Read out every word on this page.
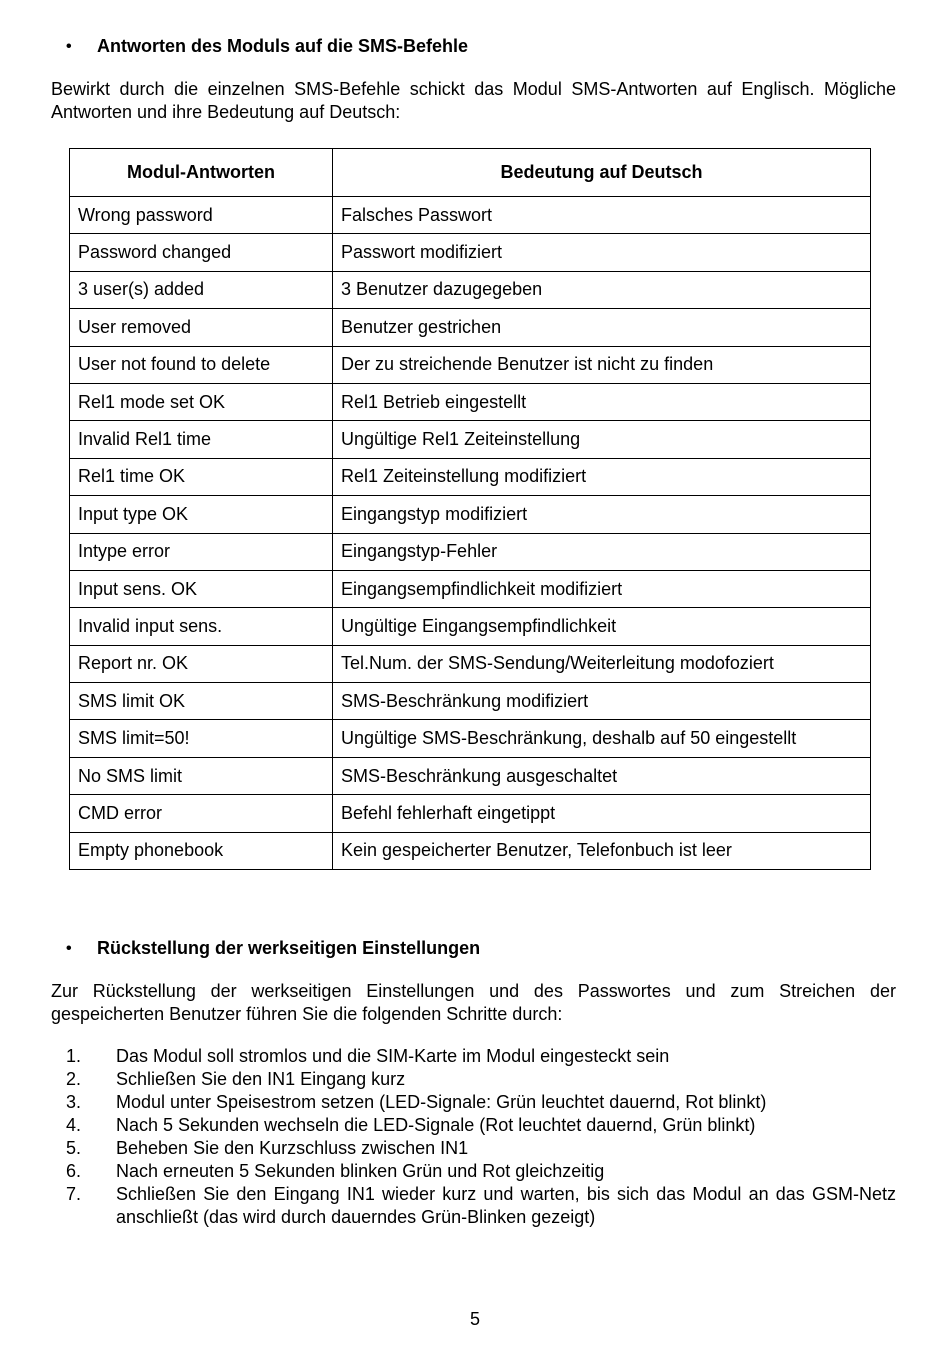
•	Antworten des Moduls auf die SMS-Befehle

Bewirkt durch die einzelnen SMS-Befehle schickt das Modul SMS-Antworten auf Englisch. Mögliche Antworten und ihre Bedeutung auf Deutsch:

Modul-Antworten	Bedeutung auf Deutsch
Wrong password	Falsches Passwort
Password changed	Passwort modifiziert
3 user(s) added	3 Benutzer dazugegeben
User removed	Benutzer gestrichen
User not found to delete	Der zu streichende Benutzer ist nicht zu finden
Rel1 mode set OK	Rel1 Betrieb eingestellt
Invalid Rel1 time	Ungültige Rel1 Zeiteinstellung
Rel1 time OK	Rel1 Zeiteinstellung modifiziert
Input type OK	Eingangstyp modifiziert
Intype error	Eingangstyp-Fehler
Input sens. OK	Eingangsempfindlichkeit modifiziert
Invalid input sens.	Ungültige Eingangsempfindlichkeit
Report nr. OK	Tel.Num. der SMS-Sendung/Weiterleitung modofoziert
SMS limit OK	SMS-Beschränkung modifiziert
SMS limit=50!	Ungültige SMS-Beschränkung, deshalb auf 50 eingestellt
No SMS limit	SMS-Beschränkung ausgeschaltet
CMD error	Befehl fehlerhaft eingetippt
Empty phonebook	Kein gespeicherter Benutzer, Telefonbuch ist leer
•	Rückstellung der werkseitigen Einstellungen

Zur Rückstellung der werkseitigen Einstellungen und des Passwortes und zum Streichen der gespeicherten Benutzer führen Sie die folgenden Schritte durch:

1.	Das Modul soll stromlos und die SIM-Karte im Modul eingesteckt sein
2.	Schließen Sie den IN1 Eingang kurz
3.	Modul unter Speisestrom setzen (LED-Signale: Grün leuchtet dauernd, Rot blinkt)
4.	Nach 5 Sekunden wechseln die LED-Signale (Rot leuchtet dauernd, Grün blinkt)
5.	Beheben Sie den Kurzschluss zwischen IN1
6.	Nach erneuten 5 Sekunden blinken Grün und Rot gleichzeitig
7.	Schließen Sie den Eingang IN1 wieder kurz und warten, bis sich das Modul an das GSM-Netz anschließt (das wird durch dauerndes Grün-Blinken gezeigt)
5
